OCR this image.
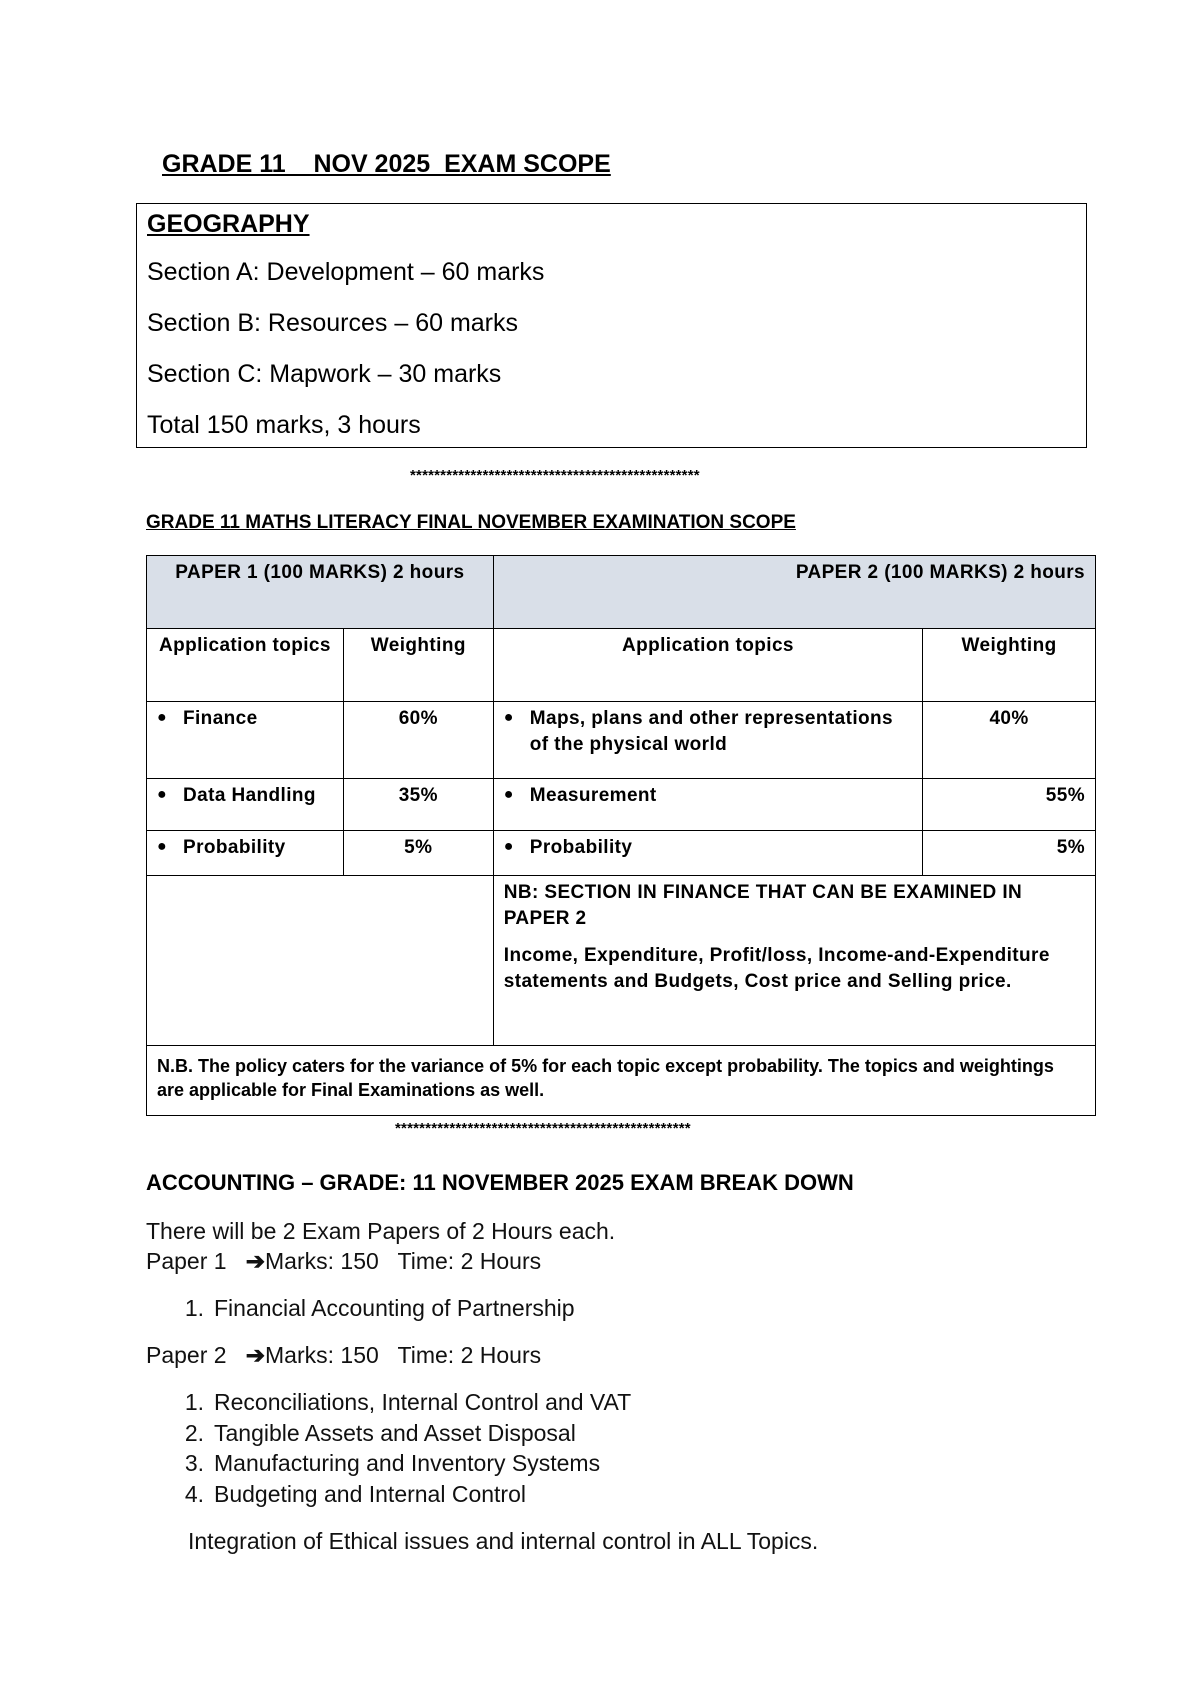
GRADE 11    NOV 2025  EXAM SCOPE
GEOGRAPHY
Section A: Development – 60 marks
Section B: Resources – 60 marks
Section C: Mapwork – 30 marks
Total 150 marks, 3 hours
************************************************
GRADE 11 MATHS LITERACY FINAL NOVEMBER EXAMINATION SCOPE
PAPER 1 (100 MARKS) 2 hours		PAPER 2 (100 MARKS) 2 hours	
Application topics	Weighting	Application topics	Weighting

● Finance	60%	● Maps, plans and other representations of the physical world	40%

● Data Handling	35%	● Measurement	55%

● Probability	5%	● Probability	5%

		NB: SECTION IN FINANCE THAT CAN BE EXAMINED IN PAPER 2

Income, Expenditure, Profit/loss, Income-and-Expenditure statements and Budgets, Cost price and Selling price.	

N.B. The policy caters for the variance of 5% for each topic except probability. The topics and weightings are applicable for Final Examinations as well.			
*************************************************
ACCOUNTING – GRADE: 11 NOVEMBER 2025 EXAM BREAK DOWN
There will be 2 Exam Papers of 2 Hours each.
Paper 1 ➔Marks: 150   Time: 2 Hours
1. Financial Accounting of Partnership
Paper 2 ➔Marks: 150   Time: 2 Hours
1. Reconciliations, Internal Control and VAT
2. Tangible Assets and Asset Disposal
3. Manufacturing and Inventory Systems
4. Budgeting and Internal Control
Integration of Ethical issues and internal control in ALL Topics.
